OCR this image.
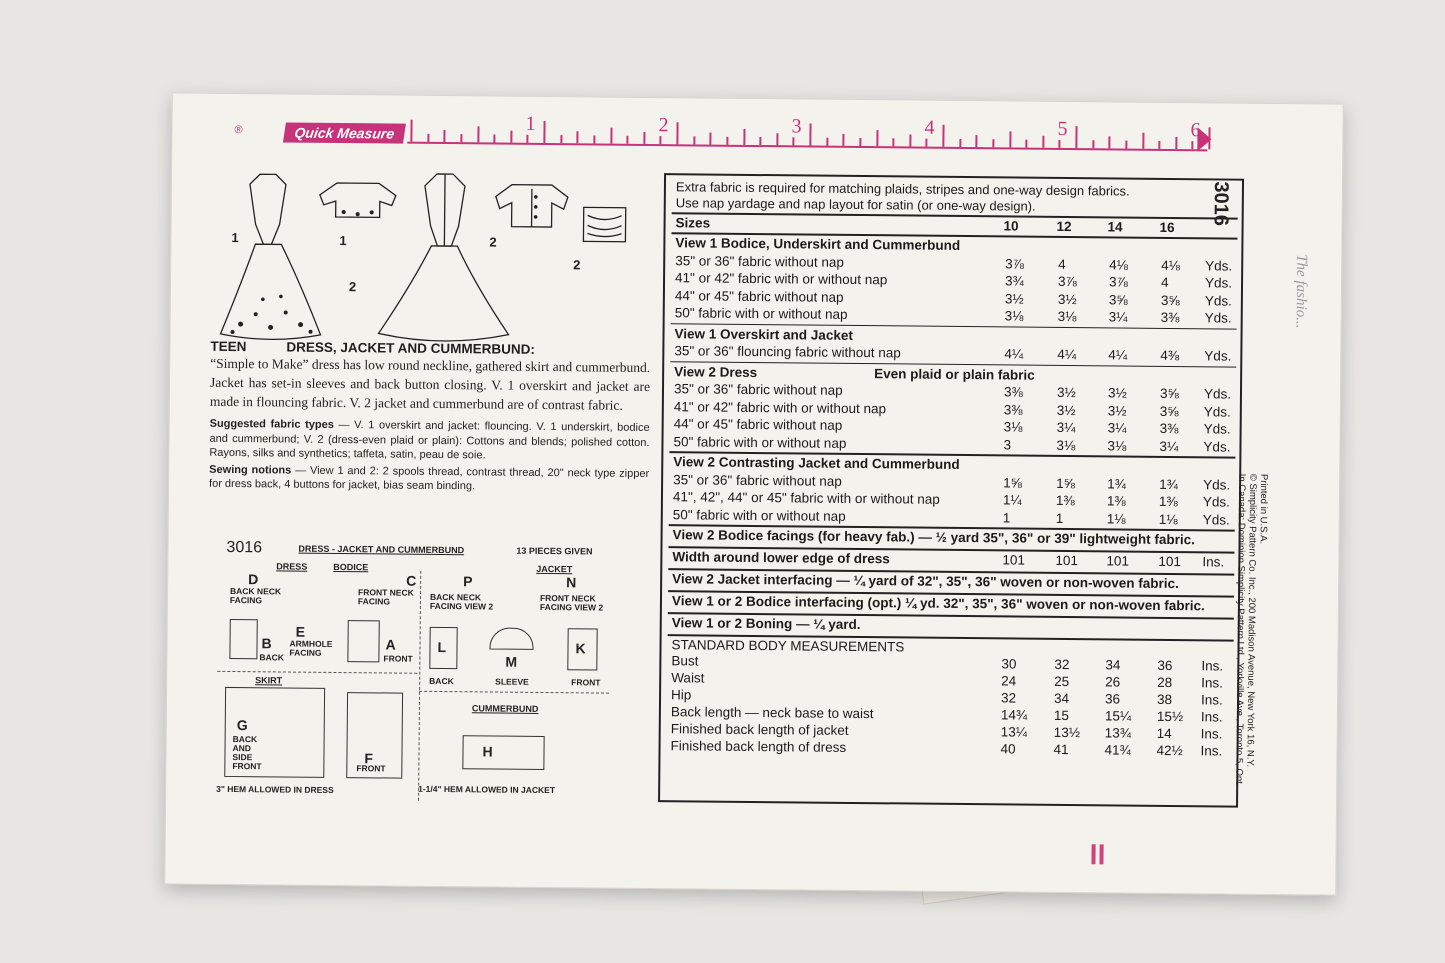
®	Quick Measure	1	2	3	4	5	6
1	1
2
2
2
TEEN	DRESS, JACKET AND CUMMERBUND:
“Simple to Make” dress has low round neckline, gathered skirt and cummerbund. Jacket has set-in sleeves and back button closing. V. 1 overskirt and jacket are made in flouncing fabric. V. 2 jacket and cummerbund are of contrast fabric.
Suggested fabric types — V. 1 overskirt and jacket: flouncing. V. 1 underskirt, bodice and cummerbund; V. 2 (dress-even plaid or plain): Cottons and blends; polished cotton. Rayons, silks and synthetics; taffeta, satin, peau de soie.
Sewing notions — View 1 and 2: 2 spools thread, contrast thread, 20" neck type zipper for dress back, 4 buttons for jacket, bias seam binding.
3016	DRESS - JACKET AND CUMMERBUND	13 PIECES GIVEN
DRESS	BODICE	JACKET
D
BACK NECK FACING
C
FRONT NECK FACING
P
BACK NECK FACING VIEW 2
N
FRONT NECK FACING VIEW 2
B
BACK
E
ARMHOLE FACING
A
FRONT
L
BACK
M
SLEEVE
K
FRONT
SKIRT
G
BACK AND SIDE FRONT	F
FRONT
3" HEM ALLOWED IN DRESS
CUMMERBUND
H
1-1/4" HEM ALLOWED IN JACKET
Extra fabric is required for matching plaids, stripes and one-way design fabrics.
Use nap yardage and nap layout for satin (or one-way design).
Sizes	10	12	14	16
View 1 Bodice, Underskirt and Cummerbund
35" or 36" fabric without nap	3⅞	4	4⅛ 4⅛ Yds.
41" or 42" fabric with or without nap	3¾	3⅞ 3⅞ 4	Yds.
44" or 45" fabric without nap	3½	3½ 3⅝ 3⅝ Yds.
50" fabric with or without nap	3⅛	3⅛ 3¼ 3⅜ Yds.
View 1 Overskirt and Jacket
35" or 36" flouncing fabric without nap	4¼	4¼ 4¼ 4⅜ Yds.
View 2 Dress	Even plaid or plain fabric
35" or 36" fabric without nap	3⅜	3½ 3½ 3⅝ Yds.
41" or 42" fabric with or without nap	3⅜	3½ 3½ 3⅝ Yds.
44" or 45" fabric without nap	3⅛	3¼ 3¼ 3⅜ Yds.
50" fabric with or without nap	3	3⅛ 3⅛ 3¼ Yds.
View 2 Contrasting Jacket and Cummerbund
35" or 36" fabric without nap	1⅝	1⅝ 1¾ 1¾ Yds.
41", 42", 44" or 45" fabric with or without nap	1¼	1⅜ 1⅜ 1⅜ Yds.
50" fabric with or without nap	1	1	1⅛ 1⅛ Yds.
View 2 Bodice facings (for heavy fab.) — ½ yard 35", 36" or 39" lightweight fabric.
Width around lower edge of dress	101 101 101 101 Ins.
View 2 Jacket interfacing — ¼ yard of 32", 35", 36" woven or non-woven fabric.
View 1 or 2 Bodice interfacing (opt.) ¼ yd. 32", 35", 36" woven or non-woven fabric.
View 1 or 2 Boning — ¼ yard.
STANDARD BODY MEASUREMENTS
Bust	30	32	34	36 Ins.
Waist	24	25	26	28 Ins.
Hip	32	34	36	38 Ins.
Back length — neck base to waist	14¾ 15	15¼ 15½ Ins.
Finished back length of jacket	13¼ 13½ 13¾ 14 Ins.
Finished back length of dress	40	41	41¾ 42½ Ins.
3016
Printed in U.S.A.
© Simplicity Pattern Co. Inc., 200 Madison Avenue, New York 16, N.Y.
In Canada: Dominion Simplicity Pattern Ltd., Yorkville Ave., Toronto 5, Ont.
The fashio...
